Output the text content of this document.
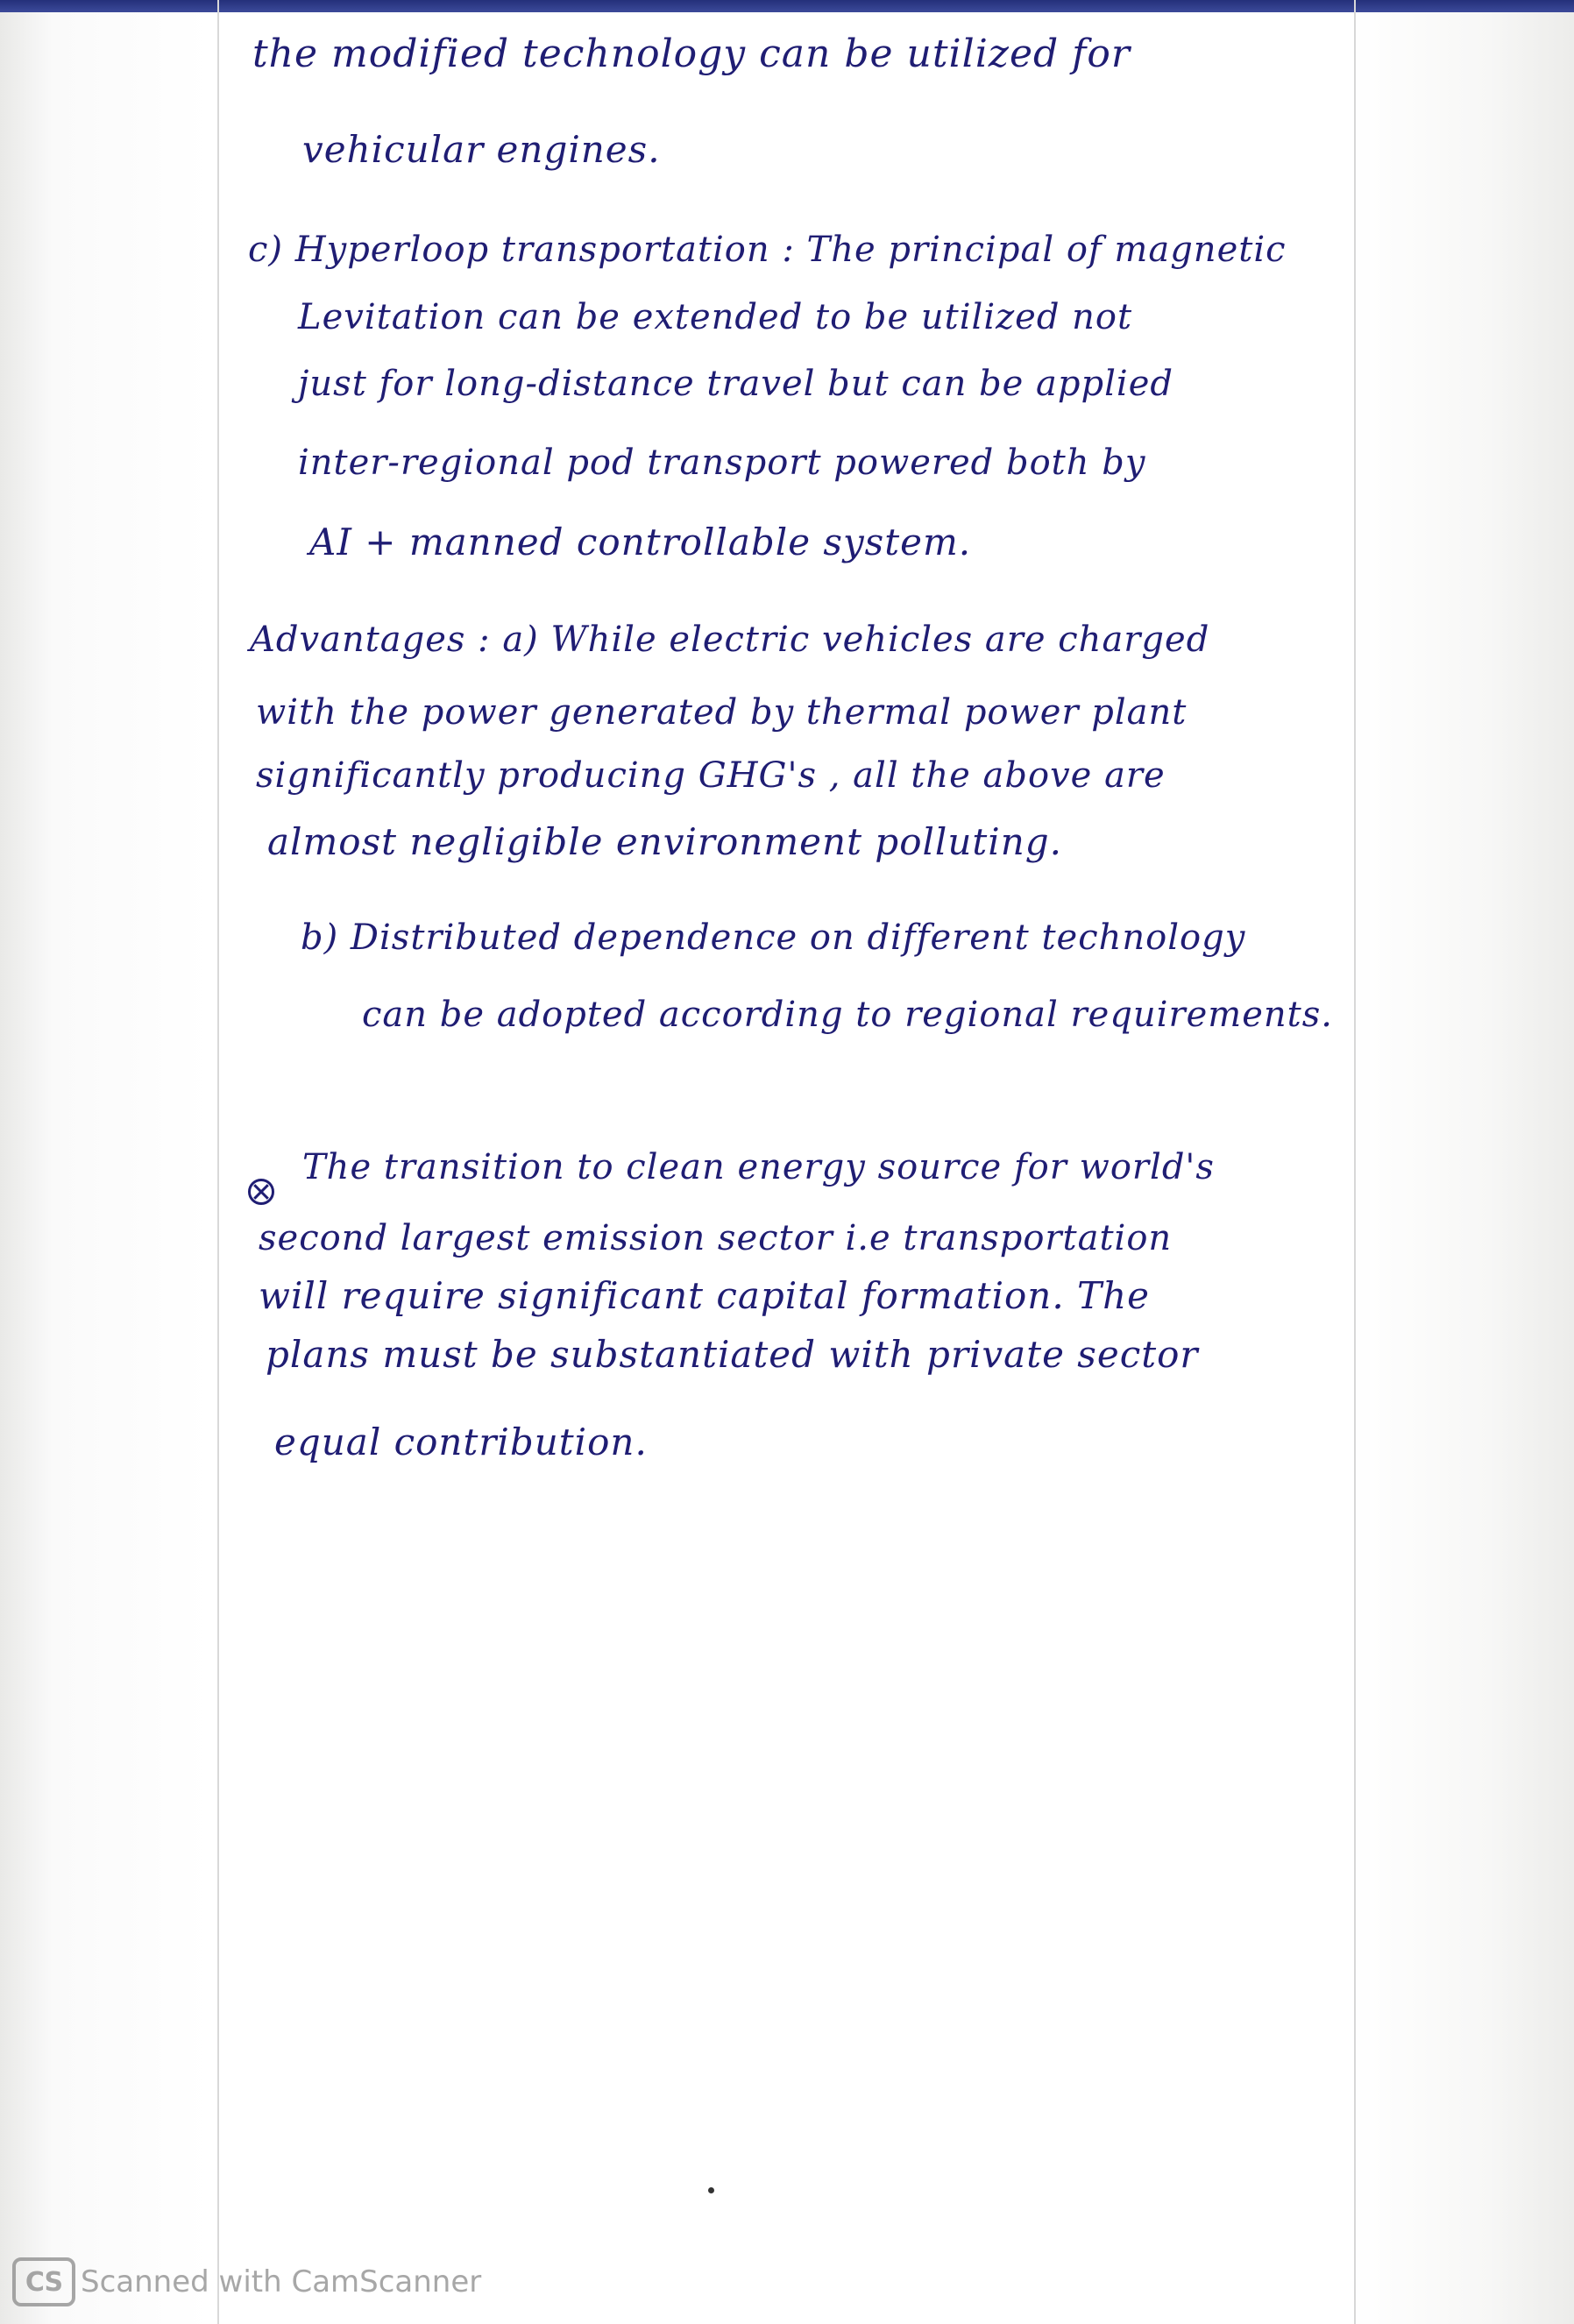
the modified technology can be utilized for

vehicular engines.

c) Hyperloop transportation : The principal of magnetic

Levitation can be extended to be utilized not

just for long-distance travel but can be applied

inter-regional pod transport powered both by

AI + manned controllable system.

Advantages : a) While electric vehicles are charged

with the power generated by thermal power plant

significantly producing GHG's , all the above are

almost negligible environment polluting.

b) Distributed dependence on different technology

can be adopted according to regional requirements.

The transition to clean energy source for world's

second largest emission sector i.e transportation

will require significant capital formation. The

plans must be substantiated with private sector

equal contribution.

CS Scanned with CamScanner
